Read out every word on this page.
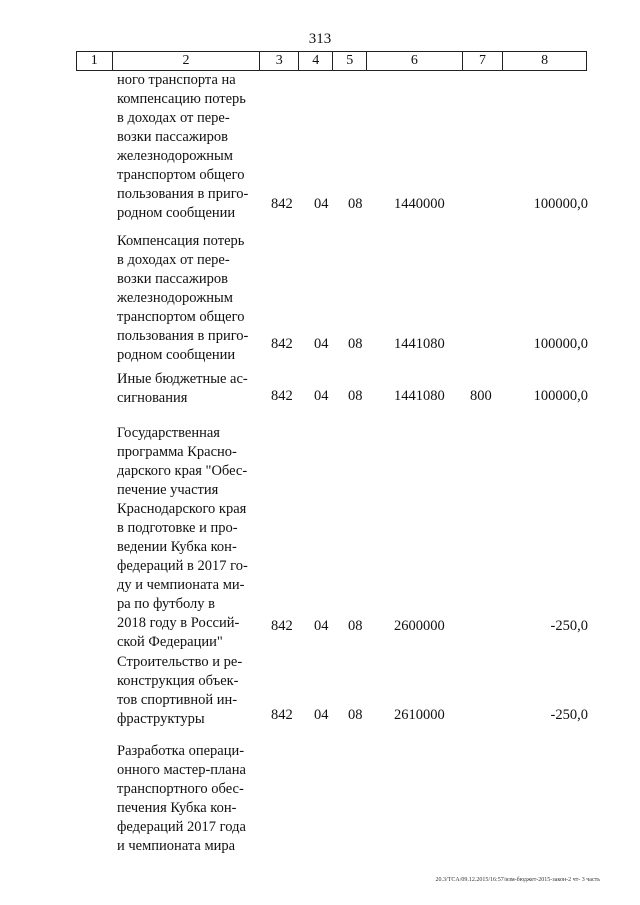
313
1	2	3	4	5	6	7	8
ного транспорта на
компенсацию потерь
в доходах от пере-
возки пассажиров
железнодорожным
транспортом общего
пользования в приго-
родном сообщении
842 04 08 1440000	100000,0
Компенсация потерь
в доходах от пере-
возки пассажиров
железнодорожным
транспортом общего
пользования в приго-
родном сообщении
842 04 08 1441080	100000,0
Иные бюджетные ас-
сигнования	842 04 08 1441080 800	100000,0
Государственная
программа Красно-
дарского края "Обес-
печение участия
Краснодарского края
в подготовке и про-
ведении Кубка кон-
федераций в 2017 го-
ду и чемпионата ми-
ра по футболу в
2018 году в Россий-
ской Федерации"
842 04 08 2600000	-250,0
Строительство и ре-
конструкция объек-
тов спортивной ин-
фраструктуры	842 04 08 2610000	-250,0
Разработка операци-
онного мастер-плана
транспортного обес-
печения Кубка кон-
федераций 2017 года
и чемпионата мира
20.3/TCA/09.12.2015/16:57/изм-бюджет-2015-закон-2 чт- 3 часть
